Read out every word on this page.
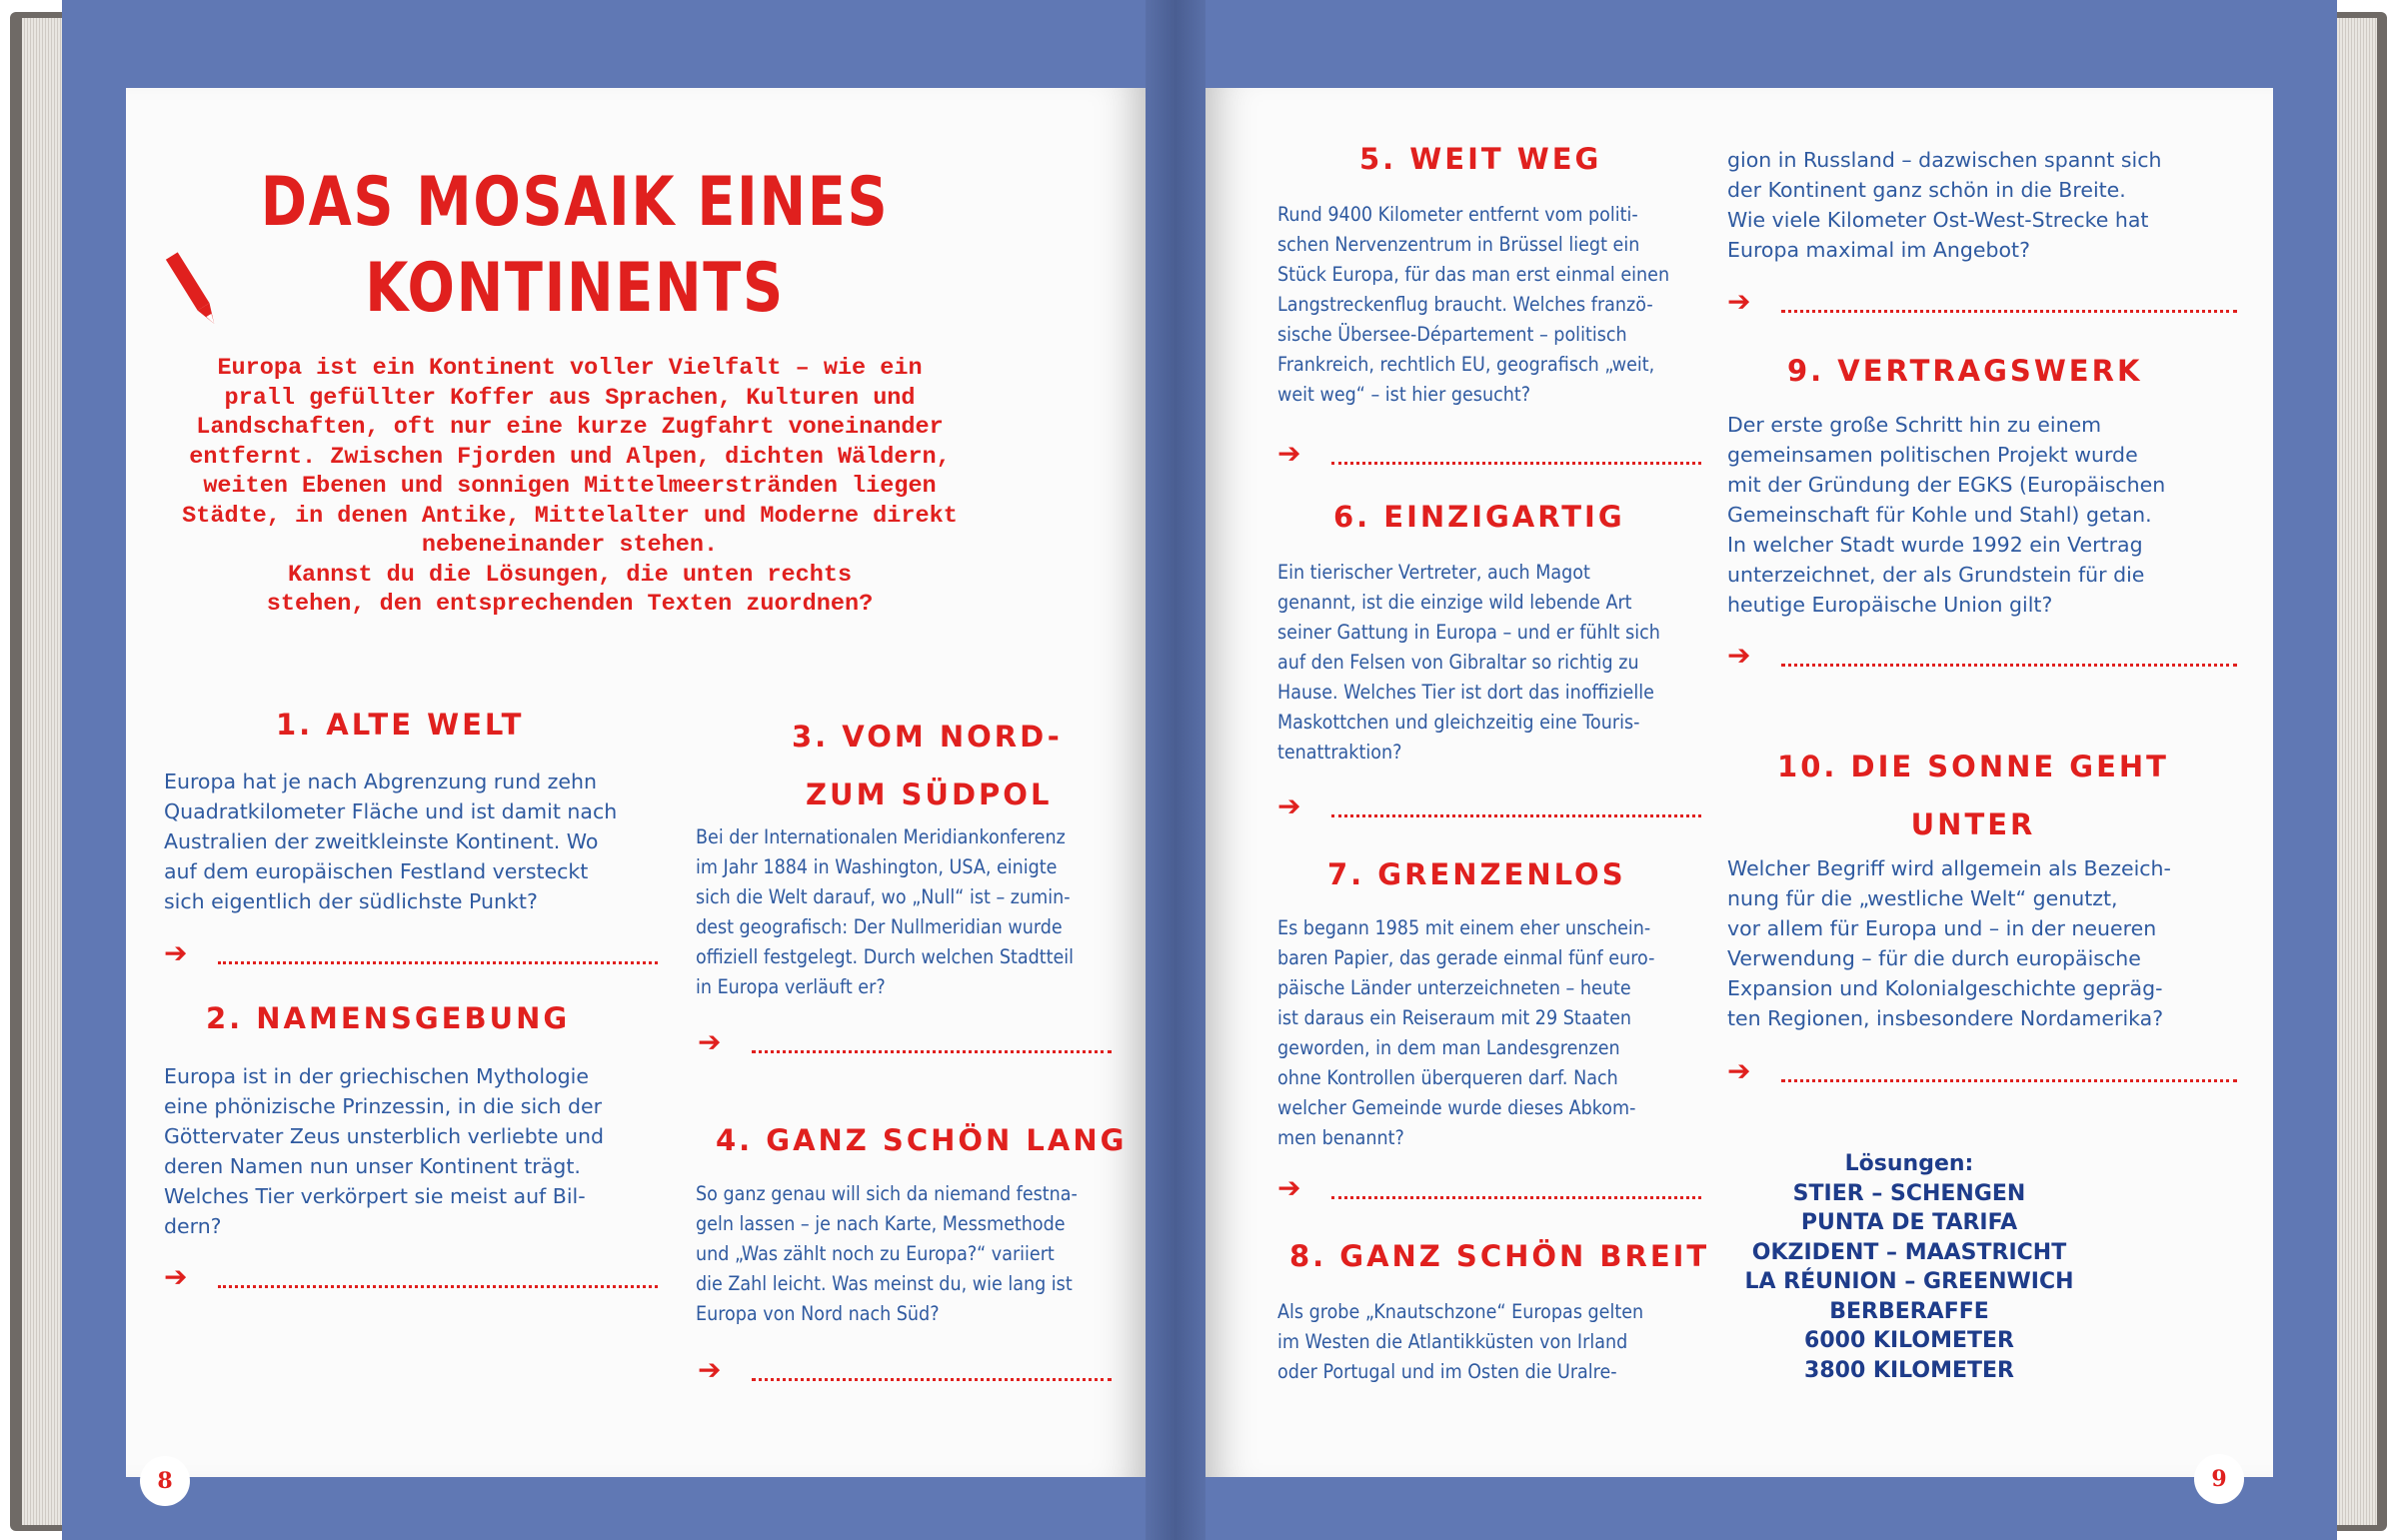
DAS MOSAIK EINES
KONTINENTS
Europa ist ein Kontinent voller Vielfalt – wie ein
prall gefüllter Koffer aus Sprachen, Kulturen und
Landschaften, oft nur eine kurze Zugfahrt voneinander
entfernt. Zwischen Fjorden und Alpen, dichten Wäldern,
weiten Ebenen und sonnigen Mittelmeerstränden liegen
Städte, in denen Antike, Mittelalter und Moderne direkt
nebeneinander stehen.
Kannst du die Lösungen, die unten rechts
stehen, den entsprechenden Texten zuordnen?
1. ALTE WELT
Europa hat je nach Abgrenzung rund zehn
Quadratkilometer Fläche und ist damit nach
Australien der zweitkleinste Kontinent. Wo
auf dem europäischen Festland versteckt
sich eigentlich der südlichste Punkt?
➔
2. NAMENSGEBUNG
Europa ist in der griechischen Mythologie
eine phönizische Prinzessin, in die sich der
Göttervater Zeus unsterblich verliebte und
deren Namen nun unser Kontinent trägt.
Welches Tier verkörpert sie meist auf Bil-
dern?
➔
3. VOM NORD-
ZUM SÜDPOL
Bei der Internationalen Meridiankonferenz
im Jahr 1884 in Washington, USA, einigte
sich die Welt darauf, wo „Null“ ist – zumin-
dest geografisch: Der Nullmeridian wurde
offiziell festgelegt. Durch welchen Stadtteil
in Europa verläuft er?
➔
4. GANZ SCHÖN LANG
So ganz genau will sich da niemand festna-
geln lassen – je nach Karte, Messmethode
und „Was zählt noch zu Europa?“ variiert
die Zahl leicht. Was meinst du, wie lang ist
Europa von Nord nach Süd?
➔
5. WEIT WEG
Rund 9400 Kilometer entfernt vom politi-
schen Nervenzentrum in Brüssel liegt ein
Stück Europa, für das man erst einmal einen
Langstreckenflug braucht. Welches franzö-
sische Übersee-Département – politisch
Frankreich, rechtlich EU, geografisch „weit,
weit weg“ – ist hier gesucht?
➔
6. EINZIGARTIG
Ein tierischer Vertreter, auch Magot
genannt, ist die einzige wild lebende Art
seiner Gattung in Europa – und er fühlt sich
auf den Felsen von Gibraltar so richtig zu
Hause. Welches Tier ist dort das inoffizielle
Maskottchen und gleichzeitig eine Touris-
tenattraktion?
➔
7. GRENZENLOS
Es begann 1985 mit einem eher unschein-
baren Papier, das gerade einmal fünf euro-
päische Länder unterzeichneten – heute
ist daraus ein Reiseraum mit 29 Staaten
geworden, in dem man Landesgrenzen
ohne Kontrollen überqueren darf. Nach
welcher Gemeinde wurde dieses Abkom-
men benannt?
➔
8. GANZ SCHÖN BREIT
Als grobe „Knautschzone“ Europas gelten
im Westen die Atlantikküsten von Irland
oder Portugal und im Osten die Uralre-
gion in Russland – dazwischen spannt sich
der Kontinent ganz schön in die Breite.
Wie viele Kilometer Ost-West-Strecke hat
Europa maximal im Angebot?
➔
9. VERTRAGSWERK
Der erste große Schritt hin zu einem
gemeinsamen politischen Projekt wurde
mit der Gründung der EGKS (Europäischen
Gemeinschaft für Kohle und Stahl) getan.
In welcher Stadt wurde 1992 ein Vertrag
unterzeichnet, der als Grundstein für die
heutige Europäische Union gilt?
➔
10. DIE SONNE GEHT
UNTER
Welcher Begriff wird allgemein als Bezeich-
nung für die „westliche Welt“ genutzt,
vor allem für Europa und – in der neueren
Verwendung – für die durch europäische
Expansion und Kolonialgeschichte gepräg-
ten Regionen, insbesondere Nordamerika?
➔
Lösungen:
STIER – SCHENGEN
PUNTA DE TARIFA
OKZIDENT – MAASTRICHT
LA RÉUNION – GREENWICH
BERBERAFFE
6000 KILOMETER
3800 KILOMETER
8	9
